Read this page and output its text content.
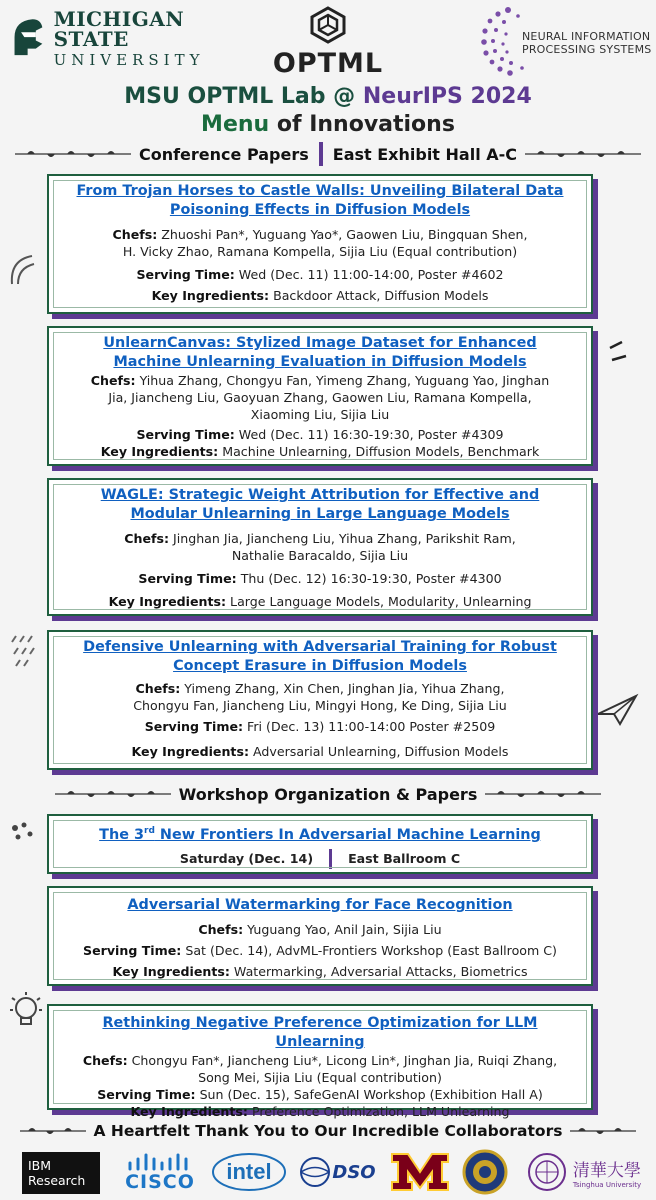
MICHIGAN STATE
UNIVERSITY	OPTML
NEURAL INFORMATION
PROCESSING SYSTEMS
MSU OPTML Lab @ NeurIPS 2024
Menu of Innovations
Conference Papers	East Exhibit Hall A-C
From Trojan Horses to Castle Walls: Unveiling Bilateral Data
Poisoning Effects in Diffusion Models
Chefs: Zhuoshi Pan*, Yuguang Yao*, Gaowen Liu, Bingquan Shen,
H. Vicky Zhao, Ramana Kompella, Sijia Liu (Equal contribution)
Serving Time: Wed (Dec. 11) 11:00-14:00, Poster #4602
Key Ingredients: Backdoor Attack, Diffusion Models
UnlearnCanvas: Stylized Image Dataset for Enhanced
Machine Unlearning Evaluation in Diffusion Models
Chefs: Yihua Zhang, Chongyu Fan, Yimeng Zhang, Yuguang Yao, Jinghan
Jia, Jiancheng Liu, Gaoyuan Zhang, Gaowen Liu, Ramana Kompella,
Xiaoming Liu, Sijia Liu
Serving Time: Wed (Dec. 11) 16:30-19:30, Poster #4309
Key Ingredients: Machine Unlearning, Diffusion Models, Benchmark
WAGLE: Strategic Weight Attribution for Effective and
Modular Unlearning in Large Language Models
Chefs: Jinghan Jia, Jiancheng Liu, Yihua Zhang, Parikshit Ram,
Nathalie Baracaldo, Sijia Liu
Serving Time: Thu (Dec. 12) 16:30-19:30, Poster #4300
Key Ingredients: Large Language Models, Modularity, Unlearning
Defensive Unlearning with Adversarial Training for Robust
Concept Erasure in Diffusion Models
Chefs: Yimeng Zhang, Xin Chen, Jinghan Jia, Yihua Zhang,
Chongyu Fan, Jiancheng Liu, Mingyi Hong, Ke Ding, Sijia Liu
Serving Time: Fri (Dec. 13) 11:00-14:00 Poster #2509
Key Ingredients: Adversarial Unlearning, Diffusion Models
Workshop Organization & Papers
The 3rd New Frontiers In Adversarial Machine Learning
Saturday (Dec. 14)	East Ballroom C
Adversarial Watermarking for Face Recognition
Chefs: Yuguang Yao, Anil Jain, Sijia Liu
Serving Time: Sat (Dec. 14), AdvML-Frontiers Workshop (East Ballroom C)
Key Ingredients: Watermarking, Adversarial Attacks, Biometrics
Rethinking Negative Preference Optimization for LLM Unlearning
Chefs: Chongyu Fan*, Jiancheng Liu*, Licong Lin*, Jinghan Jia, Ruiqi Zhang,
Song Mei, Sijia Liu (Equal contribution)
Serving Time: Sun (Dec. 15), SafeGenAI Workshop (Exhibition Hall A)
Key Ingredients: Preference Optimization, LLM Unlearning
A Heartfelt Thank You to Our Incredible Collaborators
IBM
Research CISCO intel	DSO	清華大學
Tsinghua University
